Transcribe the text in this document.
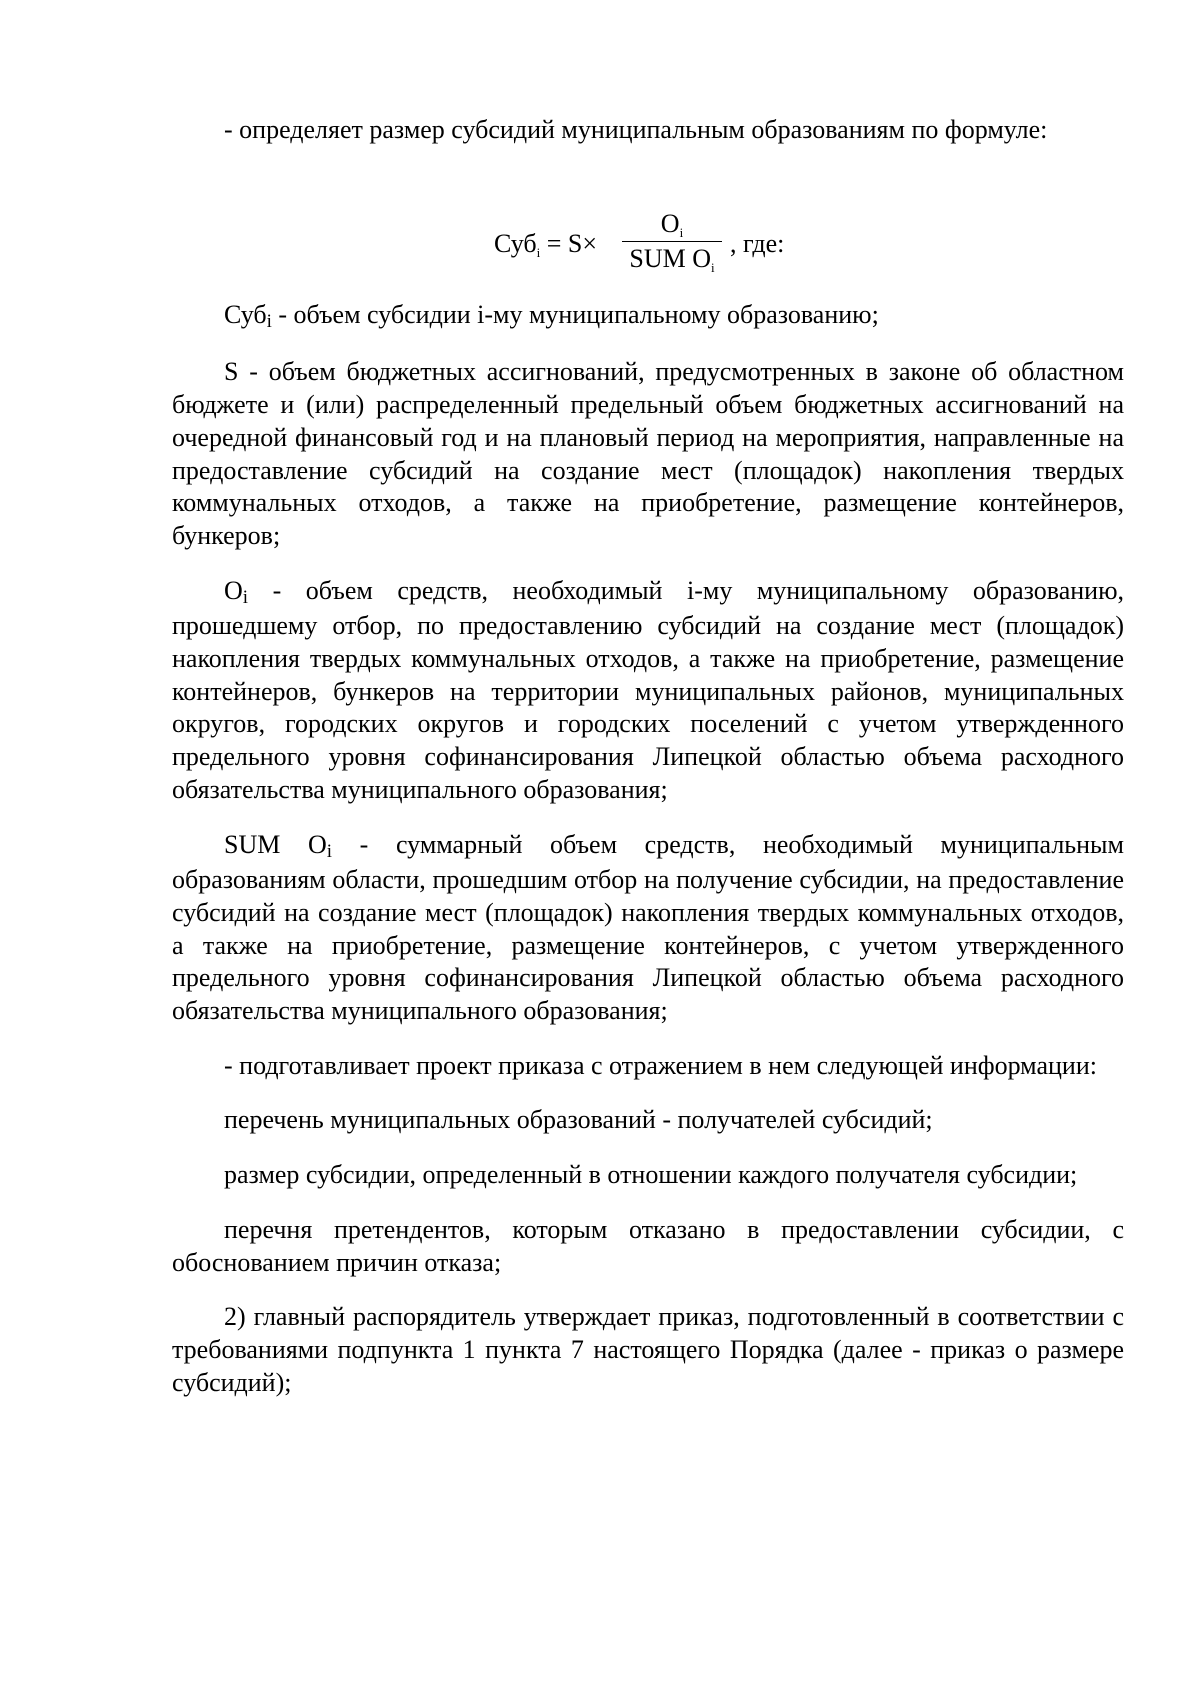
- определяет размер субсидий муниципальным образованиям по формуле:

Субi = S×
Oi
SUM Oi
, где:

Субi - объем субсидии i-му муниципальному образованию;

S - объем бюджетных ассигнований, предусмотренных в законе об областном бюджете и (или) распределенный предельный объем бюджетных ассигнований на очередной финансовый год и на плановый период на мероприятия, направленные на предоставление субсидий на создание мест (площадок) накопления твердых коммунальных отходов, а также на приобретение, размещение контейнеров, бункеров;

Oi - объем средств, необходимый i-му муниципальному образованию, прошедшему отбор, по предоставлению субсидий на создание мест (площадок) накопления твердых коммунальных отходов, а также на приобретение, размещение контейнеров, бункеров на территории муниципальных районов, муниципальных округов, городских округов и городских поселений с учетом утвержденного предельного уровня софинансирования Липецкой областью объема расходного обязательства муниципального образования;

SUM Oi - суммарный объем средств, необходимый муниципальным образованиям области, прошедшим отбор на получение субсидии, на предоставление субсидий на создание мест (площадок) накопления твердых коммунальных отходов, а также на приобретение, размещение контейнеров, с учетом утвержденного предельного уровня софинансирования Липецкой областью объема расходного обязательства муниципального образования;

- подготавливает проект приказа с отражением в нем следующей информации:

перечень муниципальных образований - получателей субсидий;

размер субсидии, определенный в отношении каждого получателя субсидии;

перечня претендентов, которым отказано в предоставлении субсидии, с обоснованием причин отказа;

2) главный распорядитель утверждает приказ, подготовленный в соответствии с требованиями подпункта 1 пункта 7 настоящего Порядка (далее - приказ о размере субсидий);
